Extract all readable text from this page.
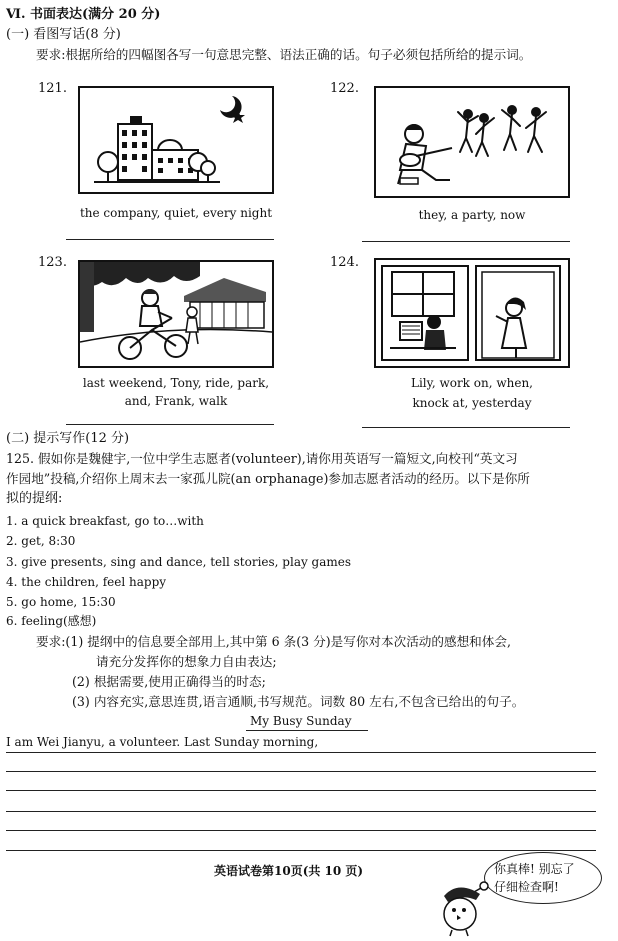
Ⅵ. 书面表达(满分 20 分)
(一) 看图写话(8 分)
要求:根据所给的四幅图各写一句意思完整、语法正确的话。句子必须包括所给的提示词。
121.
the company, quiet, every night
122.
they, a party, now
123.
last weekend, Tony, ride, park,
and, Frank, walk
124.
Lily, work on, when,
knock at, yesterday
(二) 提示写作(12 分)
125. 假如你是魏健宇,一位中学生志愿者(volunteer),请你用英语写一篇短文,向校刊“英文习
作园地”投稿,介绍你上周末去一家孤儿院(an orphanage)参加志愿者活动的经历。以下是你所
拟的提纲:
1. a quick breakfast, go to…with
2. get, 8:30
3. give presents, sing and dance, tell stories, play games
4. the children, feel happy
5. go home, 15:30
6. feeling(感想)
要求:(1) 提纲中的信息要全部用上,其中第 6 条(3 分)是写你对本次活动的感想和体会,
请充分发挥你的想象力自由表达;
(2) 根据需要,使用正确得当的时态;
(3) 内容充实,意思连贯,语言通顺,书写规范。词数 80 左右,不包含已给出的句子。
My Busy Sunday
I am Wei Jianyu, a volunteer. Last Sunday morning,
英语试卷第10页(共 10 页)	你真棒! 别忘了
仔细检查啊!
